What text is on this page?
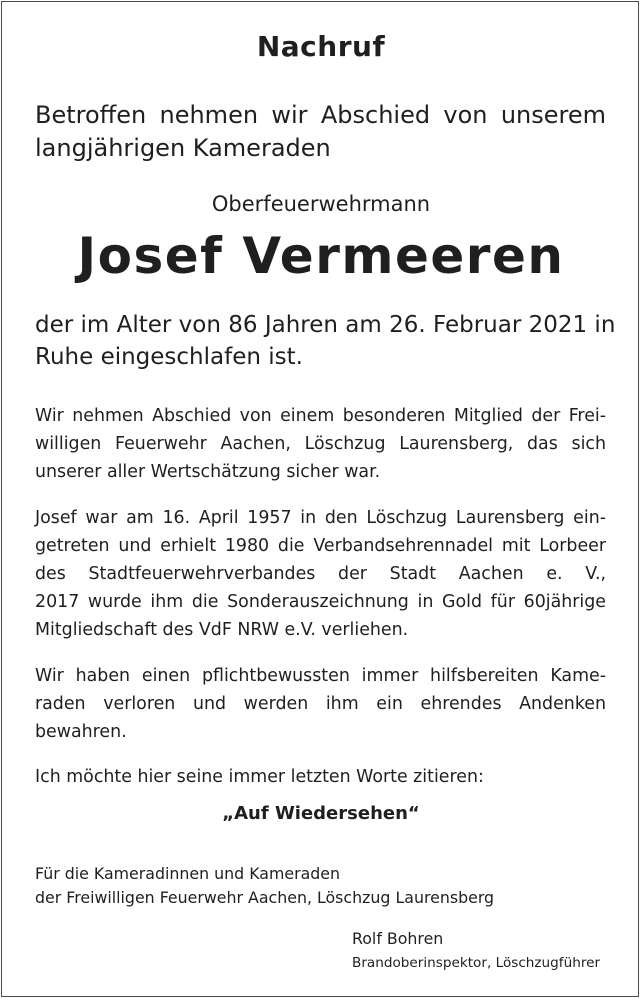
Nachruf

Betroffen nehmen wir Abschied von unserem

langjährigen Kameraden

Oberfeuerwehrmann

Josef Vermeeren

der im Alter von 86 Jahren am 26. Februar 2021 in

Ruhe eingeschlafen ist.

Wir nehmen Abschied von einem besonderen Mitglied der Frei-

willigen Feuerwehr Aachen, Löschzug Laurensberg, das sich

unserer aller Wertschätzung sicher war.

Josef war am 16. April 1957 in den Löschzug Laurensberg ein-

getreten und erhielt 1980 die Verbandsehrennadel mit Lorbeer

des Stadtfeuerwehrverbandes der Stadt Aachen e. V.,

2017 wurde ihm die Sonderauszeichnung in Gold für 60jährige

Mitgliedschaft des VdF NRW e.V. verliehen.

Wir haben einen pflichtbewussten immer hilfsbereiten Kame-

raden verloren und werden ihm ein ehrendes Andenken

bewahren.

Ich möchte hier seine immer letzten Worte zitieren:

„Auf Wiedersehen“

Für die Kameradinnen und Kameraden

der Freiwilligen Feuerwehr Aachen, Löschzug Laurensberg

Rolf Bohren

Brandoberinspektor, Löschzugführer
